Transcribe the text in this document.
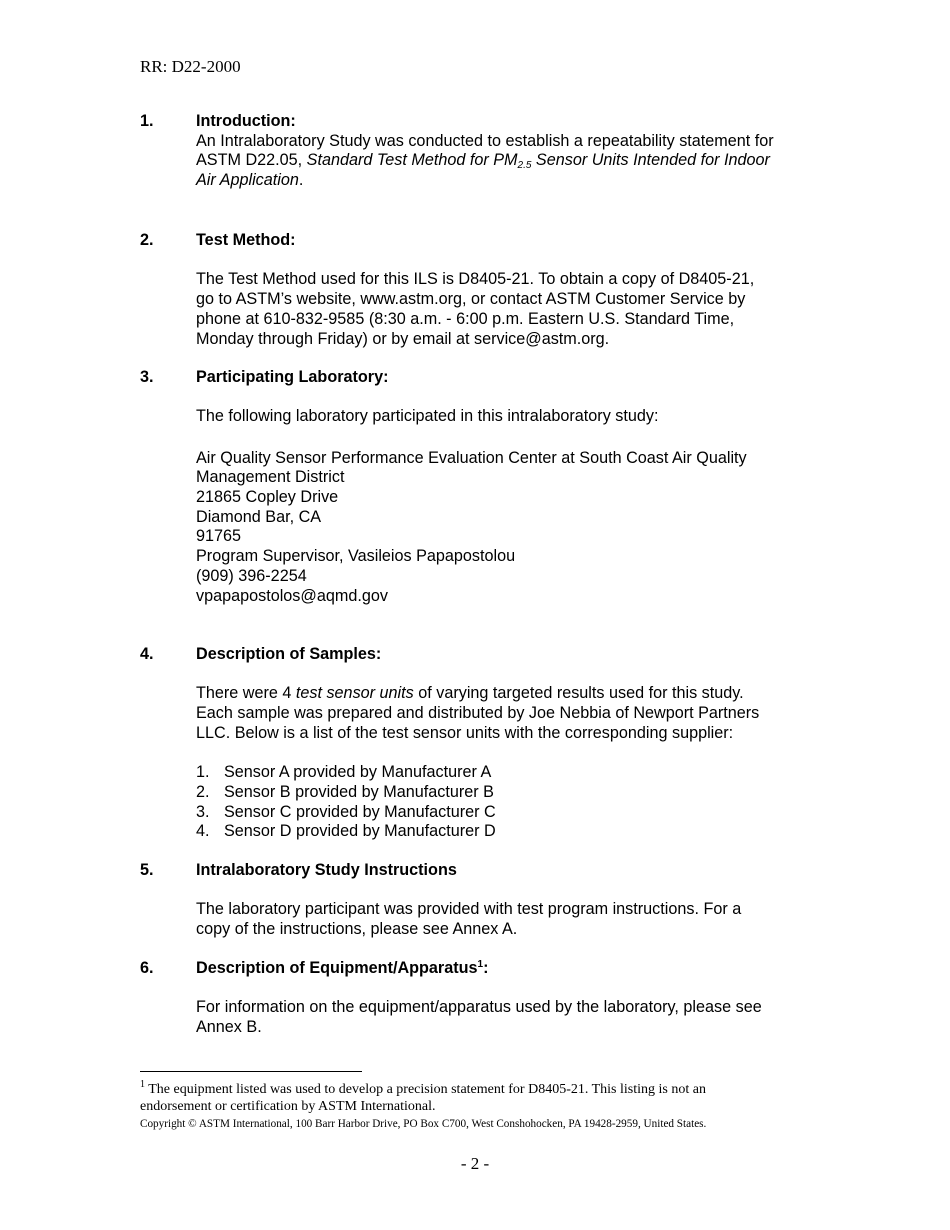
RR: D22-2000
1.	Introduction:
An Intralaboratory Study was conducted to establish a repeatability statement for
ASTM D22.05, Standard Test Method for $PM_{2.5}$ Sensor Units Intended for Indoor
Air Application.
2.	Test Method:
The Test Method used for this ILS is D8405-21. To obtain a copy of D8405-21,
go to ASTM’s website, www.astm.org, or contact ASTM Customer Service by
phone at 610-832-9585 (8:30 a.m. - 6:00 p.m. Eastern U.S. Standard Time,
Monday through Friday) or by email at service@astm.org.
3.	Participating Laboratory:
The following laboratory participated in this intralaboratory study:
Air Quality Sensor Performance Evaluation Center at South Coast Air Quality
Management District
21865 Copley Drive
Diamond Bar, CA
91765
Program Supervisor, Vasileios Papapostolou
(909) 396-2254
vpapapostolos@aqmd.gov
4.	Description of Samples:
There were 4 test sensor units of varying targeted results used for this study.
Each sample was prepared and distributed by Joe Nebbia of Newport Partners
LLC. Below is a list of the test sensor units with the corresponding supplier:
1. Sensor A provided by Manufacturer A
2. Sensor B provided by Manufacturer B
3. Sensor C provided by Manufacturer C
4. Sensor D provided by Manufacturer D
5.	Intralaboratory Study Instructions
The laboratory participant was provided with test program instructions. For a
copy of the instructions, please see Annex A.
6.	Description of Equipment/Apparatus$^1$:
For information on the equipment/apparatus used by the laboratory, please see
Annex B.
$^1$ The equipment listed was used to develop a precision statement for D8405-21. This listing is not an
endorsement or certification by ASTM International.
Copyright © ASTM International, 100 Barr Harbor Drive, PO Box C700, West Conshohocken, PA 19428-2959, United States.
- 2 -
